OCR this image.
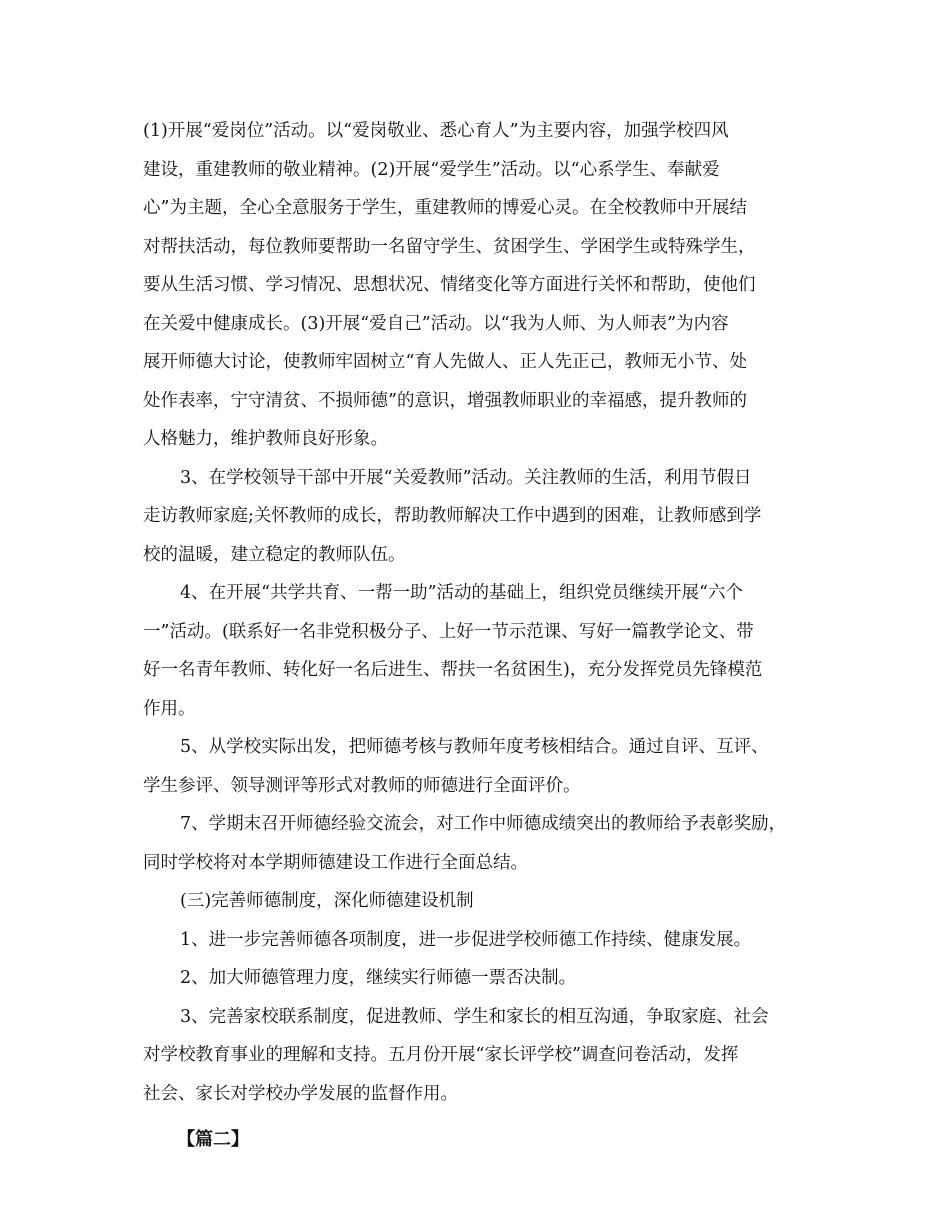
(1)开展“爱岗位”活动。以“爱岗敬业、悉心育人”为主要内容，加强学校四风

建设，重建教师的敬业精神。(2)开展“爱学生”活动。以“心系学生、奉献爱

心”为主题，全心全意服务于学生，重建教师的博爱心灵。在全校教师中开展结

对帮扶活动，每位教师要帮助一名留守学生、贫困学生、学困学生或特殊学生，

要从生活习惯、学习情况、思想状况、情绪变化等方面进行关怀和帮助，使他们

在关爱中健康成长。(3)开展“爱自己”活动。以“我为人师、为人师表”为内容

展开师德大讨论，使教师牢固树立“育人先做人、正人先正己，教师无小节、处

处作表率，宁守清贫、不损师德”的意识，增强教师职业的幸福感，提升教师的

人格魅力，维护教师良好形象。

3、在学校领导干部中开展“关爱教师”活动。关注教师的生活，利用节假日

走访教师家庭;关怀教师的成长，帮助教师解决工作中遇到的困难，让教师感到学

校的温暖，建立稳定的教师队伍。

4、在开展“共学共育、一帮一助”活动的基础上，组织党员继续开展“六个

一”活动。(联系好一名非党积极分子、上好一节示范课、写好一篇教学论文、带

好一名青年教师、转化好一名后进生、帮扶一名贫困生)，充分发挥党员先锋模范

作用。

5、从学校实际出发，把师德考核与教师年度考核相结合。通过自评、互评、

学生参评、领导测评等形式对教师的师德进行全面评价。

7、学期末召开师德经验交流会，对工作中师德成绩突出的教师给予表彰奖励，

同时学校将对本学期师德建设工作进行全面总结。

(三)完善师德制度，深化师德建设机制

1、进一步完善师德各项制度，进一步促进学校师德工作持续、健康发展。

2、加大师德管理力度，继续实行师德一票否决制。

3、完善家校联系制度，促进教师、学生和家长的相互沟通，争取家庭、社会

对学校教育事业的理解和支持。五月份开展“家长评学校”调查问卷活动，发挥

社会、家长对学校办学发展的监督作用。

【篇二】
